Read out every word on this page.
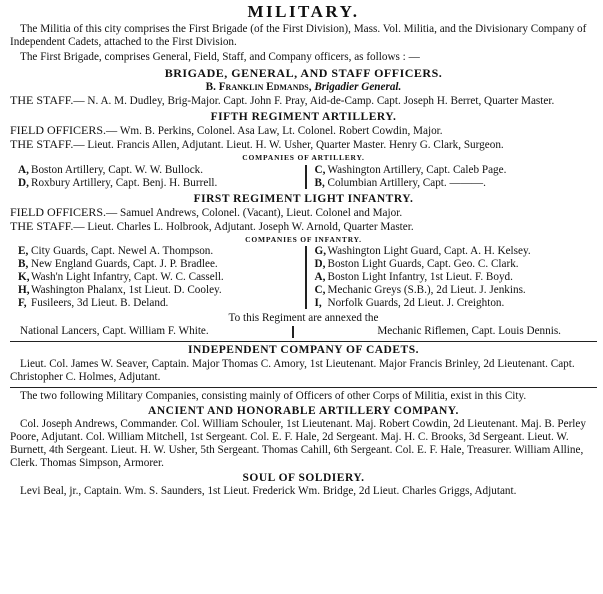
MILITARY.

The Militia of this city comprises the First Brigade (of the First Division), Mass. Vol. Militia, and the Divisionary Company of Independent Cadets, attached to the First Division.

The First Brigade, comprises General, Field, Staff, and Company officers, as follows : —

BRIGADE, GENERAL, AND STAFF OFFICERS.

B. Franklin Edmands, Brigadier General.

THE STAFF.— N. A. M. Dudley, Brig-Major. Capt. John F. Pray, Aid-de-Camp. Capt. Joseph H. Berret, Quarter Master.

FIFTH REGIMENT ARTILLERY.

FIELD OFFICERS.— Wm. B. Perkins, Colonel. Asa Law, Lt. Colonel. Robert Cowdin, Major.

THE STAFF.— Lieut. Francis Allen, Adjutant. Lieut. H. W. Usher, Quarter Master. Henry G. Clark, Surgeon.

COMPANIES OF ARTILLERY.

A, Boston Artillery, Capt. W. W. Bullock.

D, Roxbury Artillery, Capt. Benj. H. Burrell.

C, Washington Artillery, Capt. Caleb Page.

B, Columbian Artillery, Capt. ———.

FIRST REGIMENT LIGHT INFANTRY.

FIELD OFFICERS.— Samuel Andrews, Colonel. (Vacant), Lieut. Colonel and Major.

THE STAFF.— Lieut. Charles L. Holbrook, Adjutant. Joseph W. Arnold, Quarter Master.

COMPANIES OF INFANTRY.

E, City Guards, Capt. Newel A. Thompson.

B, New England Guards, Capt. J. P. Bradlee.

K, Wash'n Light Infantry, Capt. W. C. Cassell.

H, Washington Phalanx, 1st Lieut. D. Cooley.

F, Fusileers, 3d Lieut. B. Deland.

G, Washington Light Guard, Capt. A. H. Kelsey.

D, Boston Light Guards, Capt. Geo. C. Clark.

A, Boston Light Infantry, 1st Lieut. F. Boyd.

C, Mechanic Greys (S.B.), 2d Lieut. J. Jenkins.

I, Norfolk Guards, 2d Lieut. J. Creighton.

To this Regiment are annexed the

National Lancers, Capt. William F. White.	Mechanic Riflemen, Capt. Louis Dennis.

INDEPENDENT COMPANY OF CADETS.

Lieut. Col. James W. Seaver, Captain. Major Thomas C. Amory, 1st Lieutenant. Major Francis Brinley, 2d Lieutenant. Capt. Christopher C. Holmes, Adjutant.

The two following Military Companies, consisting mainly of Officers of other Corps of Militia, exist in this City.

ANCIENT AND HONORABLE ARTILLERY COMPANY.

Col. Joseph Andrews, Commander. Col. William Schouler, 1st Lieutenant. Maj. Robert Cowdin, 2d Lieutenant. Maj. B. Perley Poore, Adjutant. Col. William Mitchell, 1st Sergeant. Col. E. F. Hale, 2d Sergeant. Maj. H. C. Brooks, 3d Sergeant. Lieut. W. Burnett, 4th Sergeant. Lieut. H. W. Usher, 5th Sergeant. Thomas Cahill, 6th Sergeant. Col. E. F. Hale, Treasurer. William Alline, Clerk. Thomas Simpson, Armorer.

SOUL OF SOLDIERY.

Levi Beal, jr., Captain. Wm. S. Saunders, 1st Lieut. Frederick Wm. Bridge, 2d Lieut. Charles Griggs, Adjutant.
